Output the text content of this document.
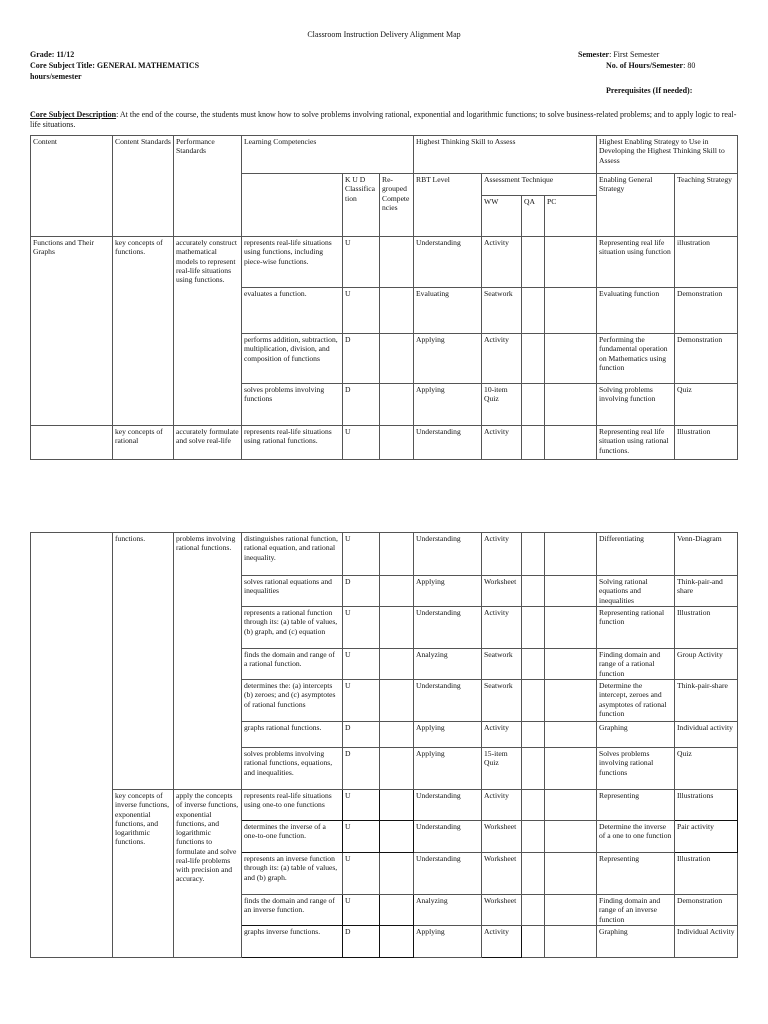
Classroom Instruction Delivery Alignment Map
Grade: 11/12
Core Subject Title: GENERAL MATHEMATICS
hours/semester
Semester: First Semester
No. of Hours/Semester: 80
Prerequisites (If needed):
Core Subject Description: At the end of the course, the students must know how to solve problems involving rational, exponential and logarithmic functions; to solve business-related problems; and to apply logic to real-life situations.
Content	Content Standards	Performance Standards	Learning Competencies			Highest Thinking Skill to Assess				Highest Enabling Strategy to Use in Developing the Highest Thinking Skill to Assess	
				K U D Classification	Re-grouped Competencies	RBT Level	Assessment Technique			Enabling General Strategy	Teaching Strategy
							WW	QA	PC		
Functions and Their Graphs	key concepts of functions.	accurately construct mathematical models to represent real-life situations using functions.	represents real-life situations using functions, including piece-wise functions.	U		Understanding	Activity			Representing real life situation using function	illustration
			evaluates a function.	U		Evaluating	Seatwork			Evaluating function	Demonstration
			performs addition, subtraction, multiplication, division, and composition of functions	D		Applying	Activity			Performing the fundamental operation on Mathematics using function	Demonstration
			solves problems involving functions	D		Applying	10-item Quiz			Solving problems involving function	Quiz
	key concepts of rational	accurately formulate and solve real-life	represents real-life situations using rational functions.	U		Understanding	Activity			Representing real life situation using rational functions.	Illustration
	functions.	problems involving rational functions.	distinguishes rational function, rational equation, and rational inequality.	U		Understanding	Activity			Differentiating	Venn-Diagram
			solves rational equations and inequalities	D		Applying	Worksheet			Solving rational equations and inequalities	Think-pair-and share
			represents a rational function through its: (a) table of values, (b) graph, and (c) equation	U		Understanding	Activity			Representing rational function	Illustration
			finds the domain and range of a rational function.	U		Analyzing	Seatwork			Finding domain and range of a rational function	Group Activity
			determines the: (a) intercepts (b) zeroes; and (c) asymptotes of rational functions	U		Understanding	Seatwork			Determine the intercept, zeroes and asymptotes of rational function	Think-pair-share
			graphs rational functions.	D		Applying	Activity			Graphing	Individual activity
			solves problems involving rational functions, equations, and inequalities.	D		Applying	15-item Quiz			Solves problems involving rational functions	Quiz
	key concepts of inverse functions, exponential functions, and logarithmic functions.	apply the concepts of inverse functions, exponential functions, and logarithmic functions to formulate and solve real-life problems with precision and accuracy.	represents real-life situations using one-to one functions	U		Understanding	Activity			Representing	Illustrations
			determines the inverse of a one-to-one function.	U		Understanding	Worksheet			Determine the inverse of a one to one function	Pair activity
			represents an inverse function through its: (a) table of values, and (b) graph.	U		Understanding	Worksheet			Representing	Illustration
			finds the domain and range of an inverse function.	U		Analyzing	Worksheet			Finding domain and range of an inverse function	Demonstration
			graphs inverse functions.	D		Applying	Activity			Graphing	Individual Activity
